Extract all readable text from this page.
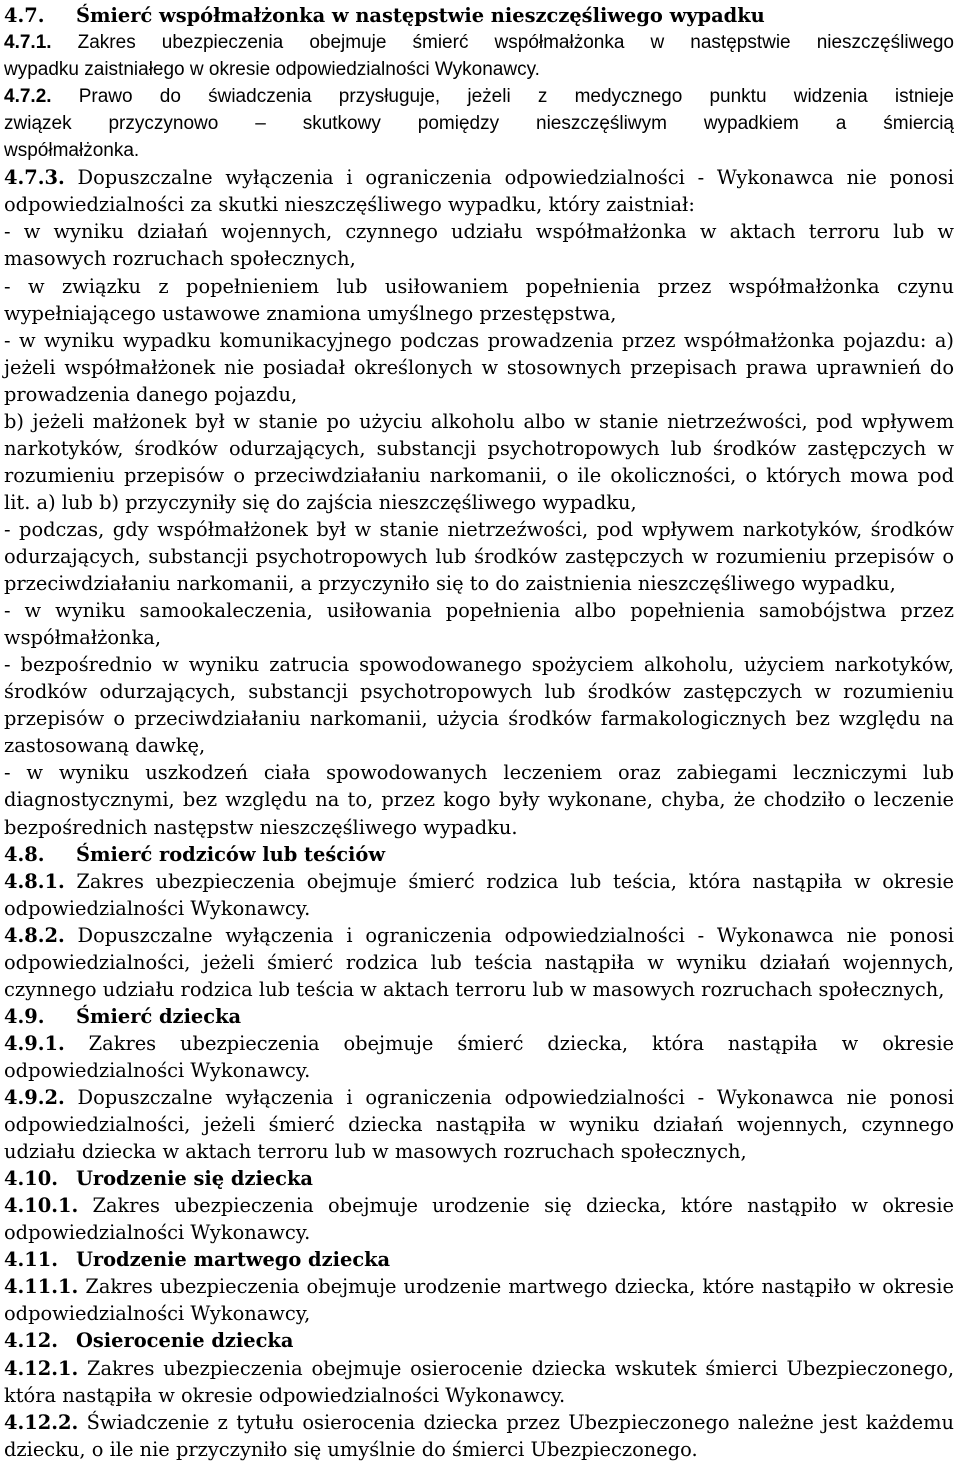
4.7. Śmierć współmałżonka w następstwie nieszczęśliwego wypadku
4.7.1. Zakres ubezpieczenia obejmuje śmierć współmałżonka w następstwie nieszczęśliwego
wypadku zaistniałego w okresie odpowiedzialności Wykonawcy.
4.7.2. Prawo do świadczenia przysługuje, jeżeli z medycznego punktu widzenia istnieje
związek przyczynowo – skutkowy pomiędzy nieszczęśliwym wypadkiem a śmiercią
współmałżonka.
4.7.3. Dopuszczalne wyłączenia i ograniczenia odpowiedzialności - Wykonawca nie ponosi
odpowiedzialności za skutki nieszczęśliwego wypadku, który zaistniał:
- w wyniku działań wojennych, czynnego udziału współmałżonka w aktach terroru lub w
masowych rozruchach społecznych,
- w związku z popełnieniem lub usiłowaniem popełnienia przez współmałżonka czynu
wypełniającego ustawowe znamiona umyślnego przestępstwa,
- w wyniku wypadku komunikacyjnego podczas prowadzenia przez współmałżonka pojazdu: a)
jeżeli współmałżonek nie posiadał określonych w stosownych przepisach prawa uprawnień do
prowadzenia danego pojazdu,
b) jeżeli małżonek był w stanie po użyciu alkoholu albo w stanie nietrzeźwości, pod wpływem
narkotyków, środków odurzających, substancji psychotropowych lub środków zastępczych w
rozumieniu przepisów o przeciwdziałaniu narkomanii, o ile okoliczności, o których mowa pod
lit. a) lub b) przyczyniły się do zajścia nieszczęśliwego wypadku,
- podczas, gdy współmałżonek był w stanie nietrzeźwości, pod wpływem narkotyków, środków
odurzających, substancji psychotropowych lub środków zastępczych w rozumieniu przepisów o
przeciwdziałaniu narkomanii, a przyczyniło się to do zaistnienia nieszczęśliwego wypadku,
- w wyniku samookaleczenia, usiłowania popełnienia albo popełnienia samobójstwa przez
współmałżonka,
- bezpośrednio w wyniku zatrucia spowodowanego spożyciem alkoholu, użyciem narkotyków,
środków odurzających, substancji psychotropowych lub środków zastępczych w rozumieniu
przepisów o przeciwdziałaniu narkomanii, użycia środków farmakologicznych bez względu na
zastosowaną dawkę,
- w wyniku uszkodzeń ciała spowodowanych leczeniem oraz zabiegami leczniczymi lub
diagnostycznymi, bez względu na to, przez kogo były wykonane, chyba, że chodziło o leczenie
bezpośrednich następstw nieszczęśliwego wypadku.
4.8. Śmierć rodziców lub teściów
4.8.1. Zakres ubezpieczenia obejmuje śmierć rodzica lub teścia, która nastąpiła w okresie
odpowiedzialności Wykonawcy.
4.8.2. Dopuszczalne wyłączenia i ograniczenia odpowiedzialności - Wykonawca nie ponosi
odpowiedzialności, jeżeli śmierć rodzica lub teścia nastąpiła w wyniku działań wojennych,
czynnego udziału rodzica lub teścia w aktach terroru lub w masowych rozruchach społecznych,
4.9. Śmierć dziecka
4.9.1. Zakres ubezpieczenia obejmuje śmierć dziecka, która nastąpiła w okresie
odpowiedzialności Wykonawcy.
4.9.2. Dopuszczalne wyłączenia i ograniczenia odpowiedzialności - Wykonawca nie ponosi
odpowiedzialności, jeżeli śmierć dziecka nastąpiła w wyniku działań wojennych, czynnego
udziału dziecka w aktach terroru lub w masowych rozruchach społecznych,
4.10. Urodzenie się dziecka
4.10.1. Zakres ubezpieczenia obejmuje urodzenie się dziecka, które nastąpiło w okresie
odpowiedzialności Wykonawcy.
4.11. Urodzenie martwego dziecka
4.11.1. Zakres ubezpieczenia obejmuje urodzenie martwego dziecka, które nastąpiło w okresie
odpowiedzialności Wykonawcy,
4.12. Osierocenie dziecka
4.12.1. Zakres ubezpieczenia obejmuje osierocenie dziecka wskutek śmierci Ubezpieczonego,
która nastąpiła w okresie odpowiedzialności Wykonawcy.
4.12.2. Świadczenie z tytułu osierocenia dziecka przez Ubezpieczonego należne jest każdemu
dziecku, o ile nie przyczyniło się umyślnie do śmierci Ubezpieczonego.
